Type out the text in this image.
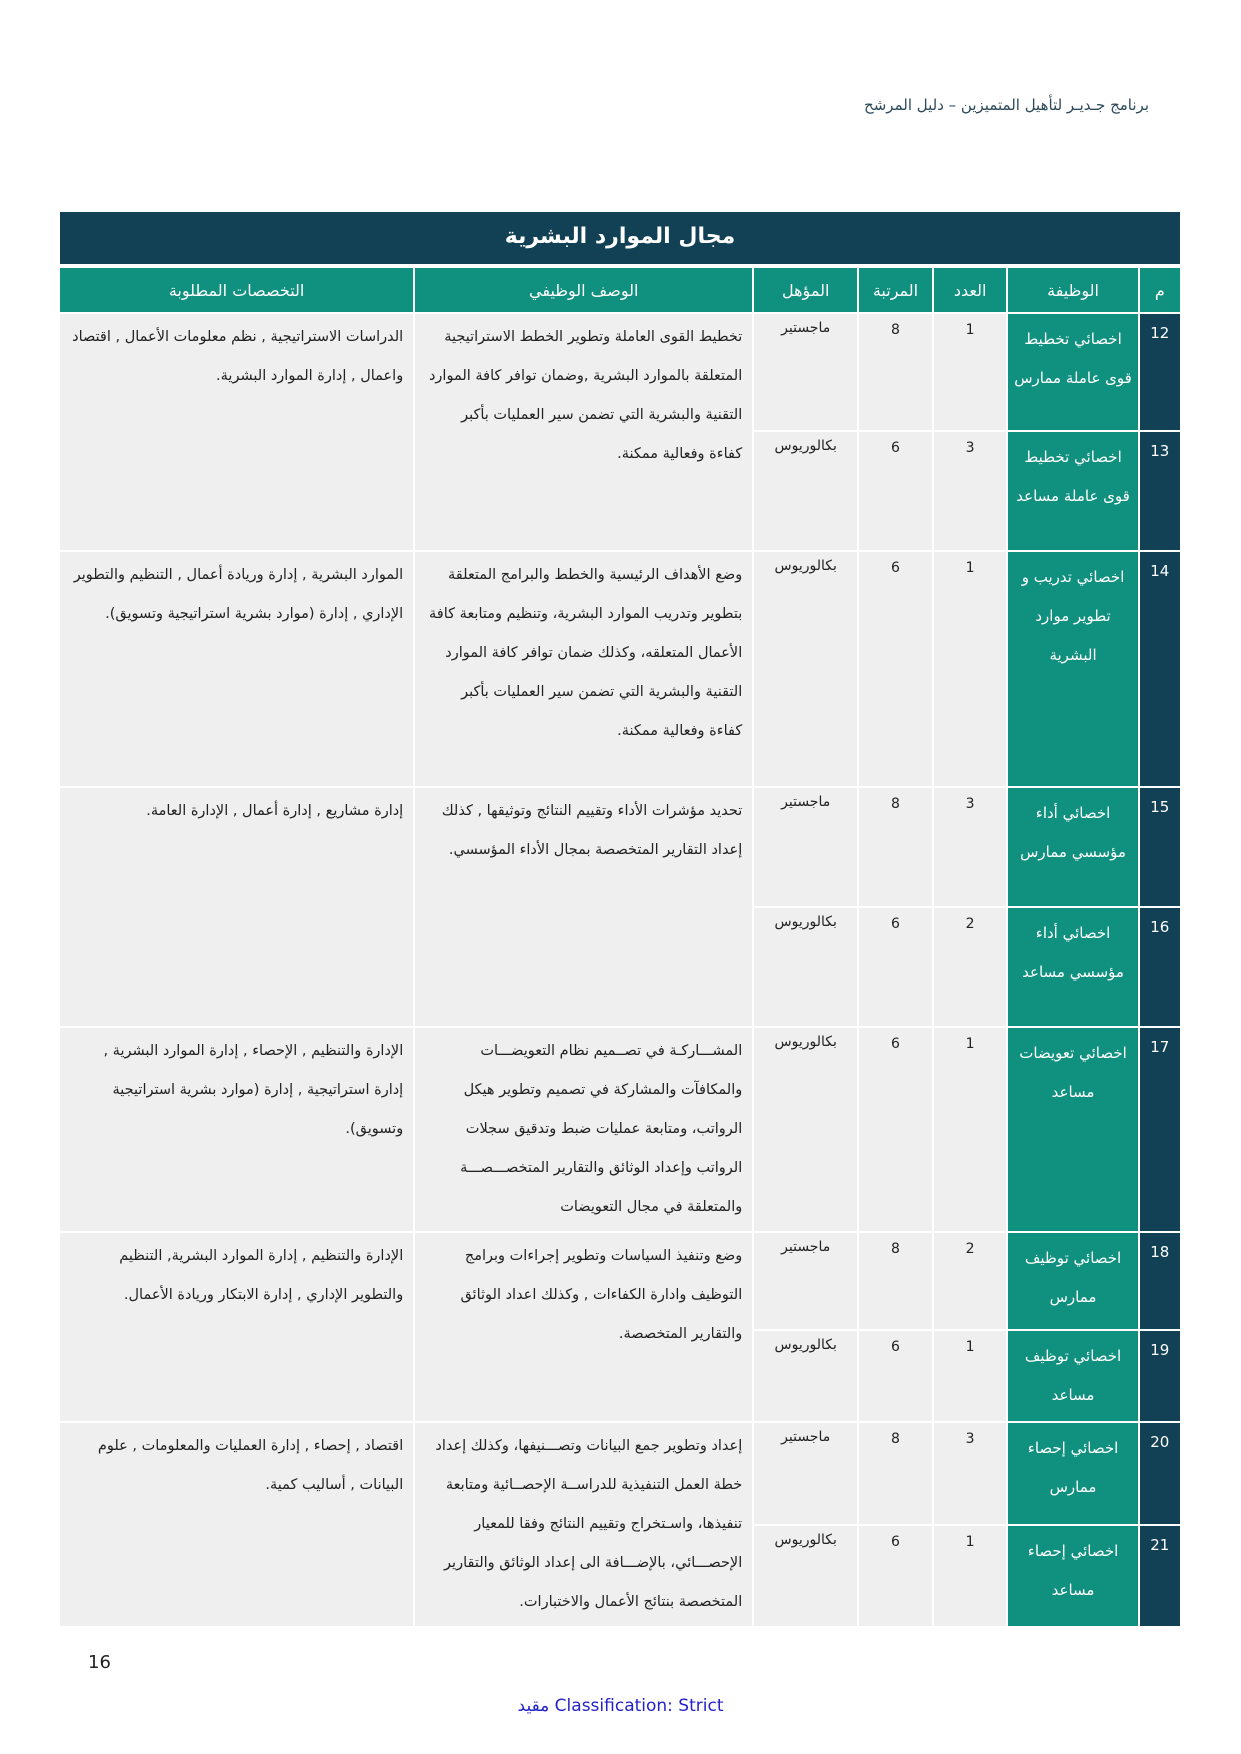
برنامج جـديـر لتأهيل المتميزين – دليل المرشح
مجال الموارد البشرية
م	الوظيفة	العدد	المرتبة	المؤهل	الوصف الوظيفي	التخصصات المطلوبة
12	اخصائي تخطيط قوى عاملة ممارس	1	8	ماجستير	تخطيط القوى العاملة وتطوير الخطط الاستراتيجية المتعلقة بالموارد البشرية ,وضمان توافر كافة الموارد التقنية والبشرية التي تضمن سير العمليات بأكبر كفاءة وفعالية ممكنة.	الدراسات الاستراتيجية , نظم معلومات الأعمال , اقتصاد واعمال , إدارة الموارد البشرية.
13	اخصائي تخطيط قوى عاملة مساعد	3	6	بكالوريوس		
14	اخصائي تدريب و تطوير موارد البشرية	1	6	بكالوريوس	وضع الأهداف الرئيسية والخطط والبرامج المتعلقة بتطوير وتدريب الموارد البشرية، وتنظيم ومتابعة كافة الأعمال المتعلقه، وكذلك ضمان توافر كافة الموارد التقنية والبشرية التي تضمن سير العمليات بأكبر كفاءة وفعالية ممكنة.	الموارد البشرية , إدارة وريادة أعمال , التنظيم والتطوير الإداري , إدارة (موارد بشرية استراتيجية وتسويق).
15	اخصائي أداء مؤسسي ممارس	3	8	ماجستير	تحديد مؤشرات الأداء وتقييم النتائج وتوثيقها , كذلك إعداد التقارير المتخصصة بمجال الأداء المؤسسي.	إدارة مشاريع , إدارة أعمال , الإدارة العامة.
16	اخصائي أداء مؤسسي مساعد	2	6	بكالوريوس		
17	اخصائي تعويضات مساعد	1	6	بكالوريوس	المشـــاركـة في تصــميم نظام التعويضـــات والمكافآت والمشاركة في تصميم وتطوير هيكل الرواتب، ومتابعة عمليات ضبط وتدقيق سجلات الرواتب وإعداد الوثائق والتقارير المتخصـــصـــة والمتعلقة في مجال التعويضات	الإدارة والتنظيم , الإحصاء , إدارة الموارد البشرية , إدارة استراتيجية , إدارة (موارد بشرية استراتيجية وتسويق).
18	اخصائي توظيف ممارس	2	8	ماجستير	وضع وتنفيذ السياسات وتطوير إجراءات وبرامج التوظيف وادارة الكفاءات , وكذلك اعداد الوثائق والتقارير المتخصصة.	الإدارة والتنظيم , إدارة الموارد البشرية, التنظيم والتطوير الإداري , إدارة الابتكار وريادة الأعمال.
19	اخصائي توظيف مساعد	1	6	بكالوريوس		
20	اخصائي إحصاء ممارس	3	8	ماجستير	إعداد وتطوير جمع البيانات وتصـــنيفها، وكذلك إعداد خطة العمل التنفيذية للدراســة الإحصــائية ومتابعة تنفيذها، واسـتخراج وتقييم النتائج وفقا للمعيار الإحصـــائي، بالإضـــافة الى إعداد الوثائق والتقارير المتخصصة بنتائج الأعمال والاختبارات.	اقتصاد , إحصاء , إدارة العمليات والمعلومات , علوم البيانات , أساليب كمية.
21	اخصائي إحصاء مساعد	1	6	بكالوريوس		
16
مقيد Classification: Strict
